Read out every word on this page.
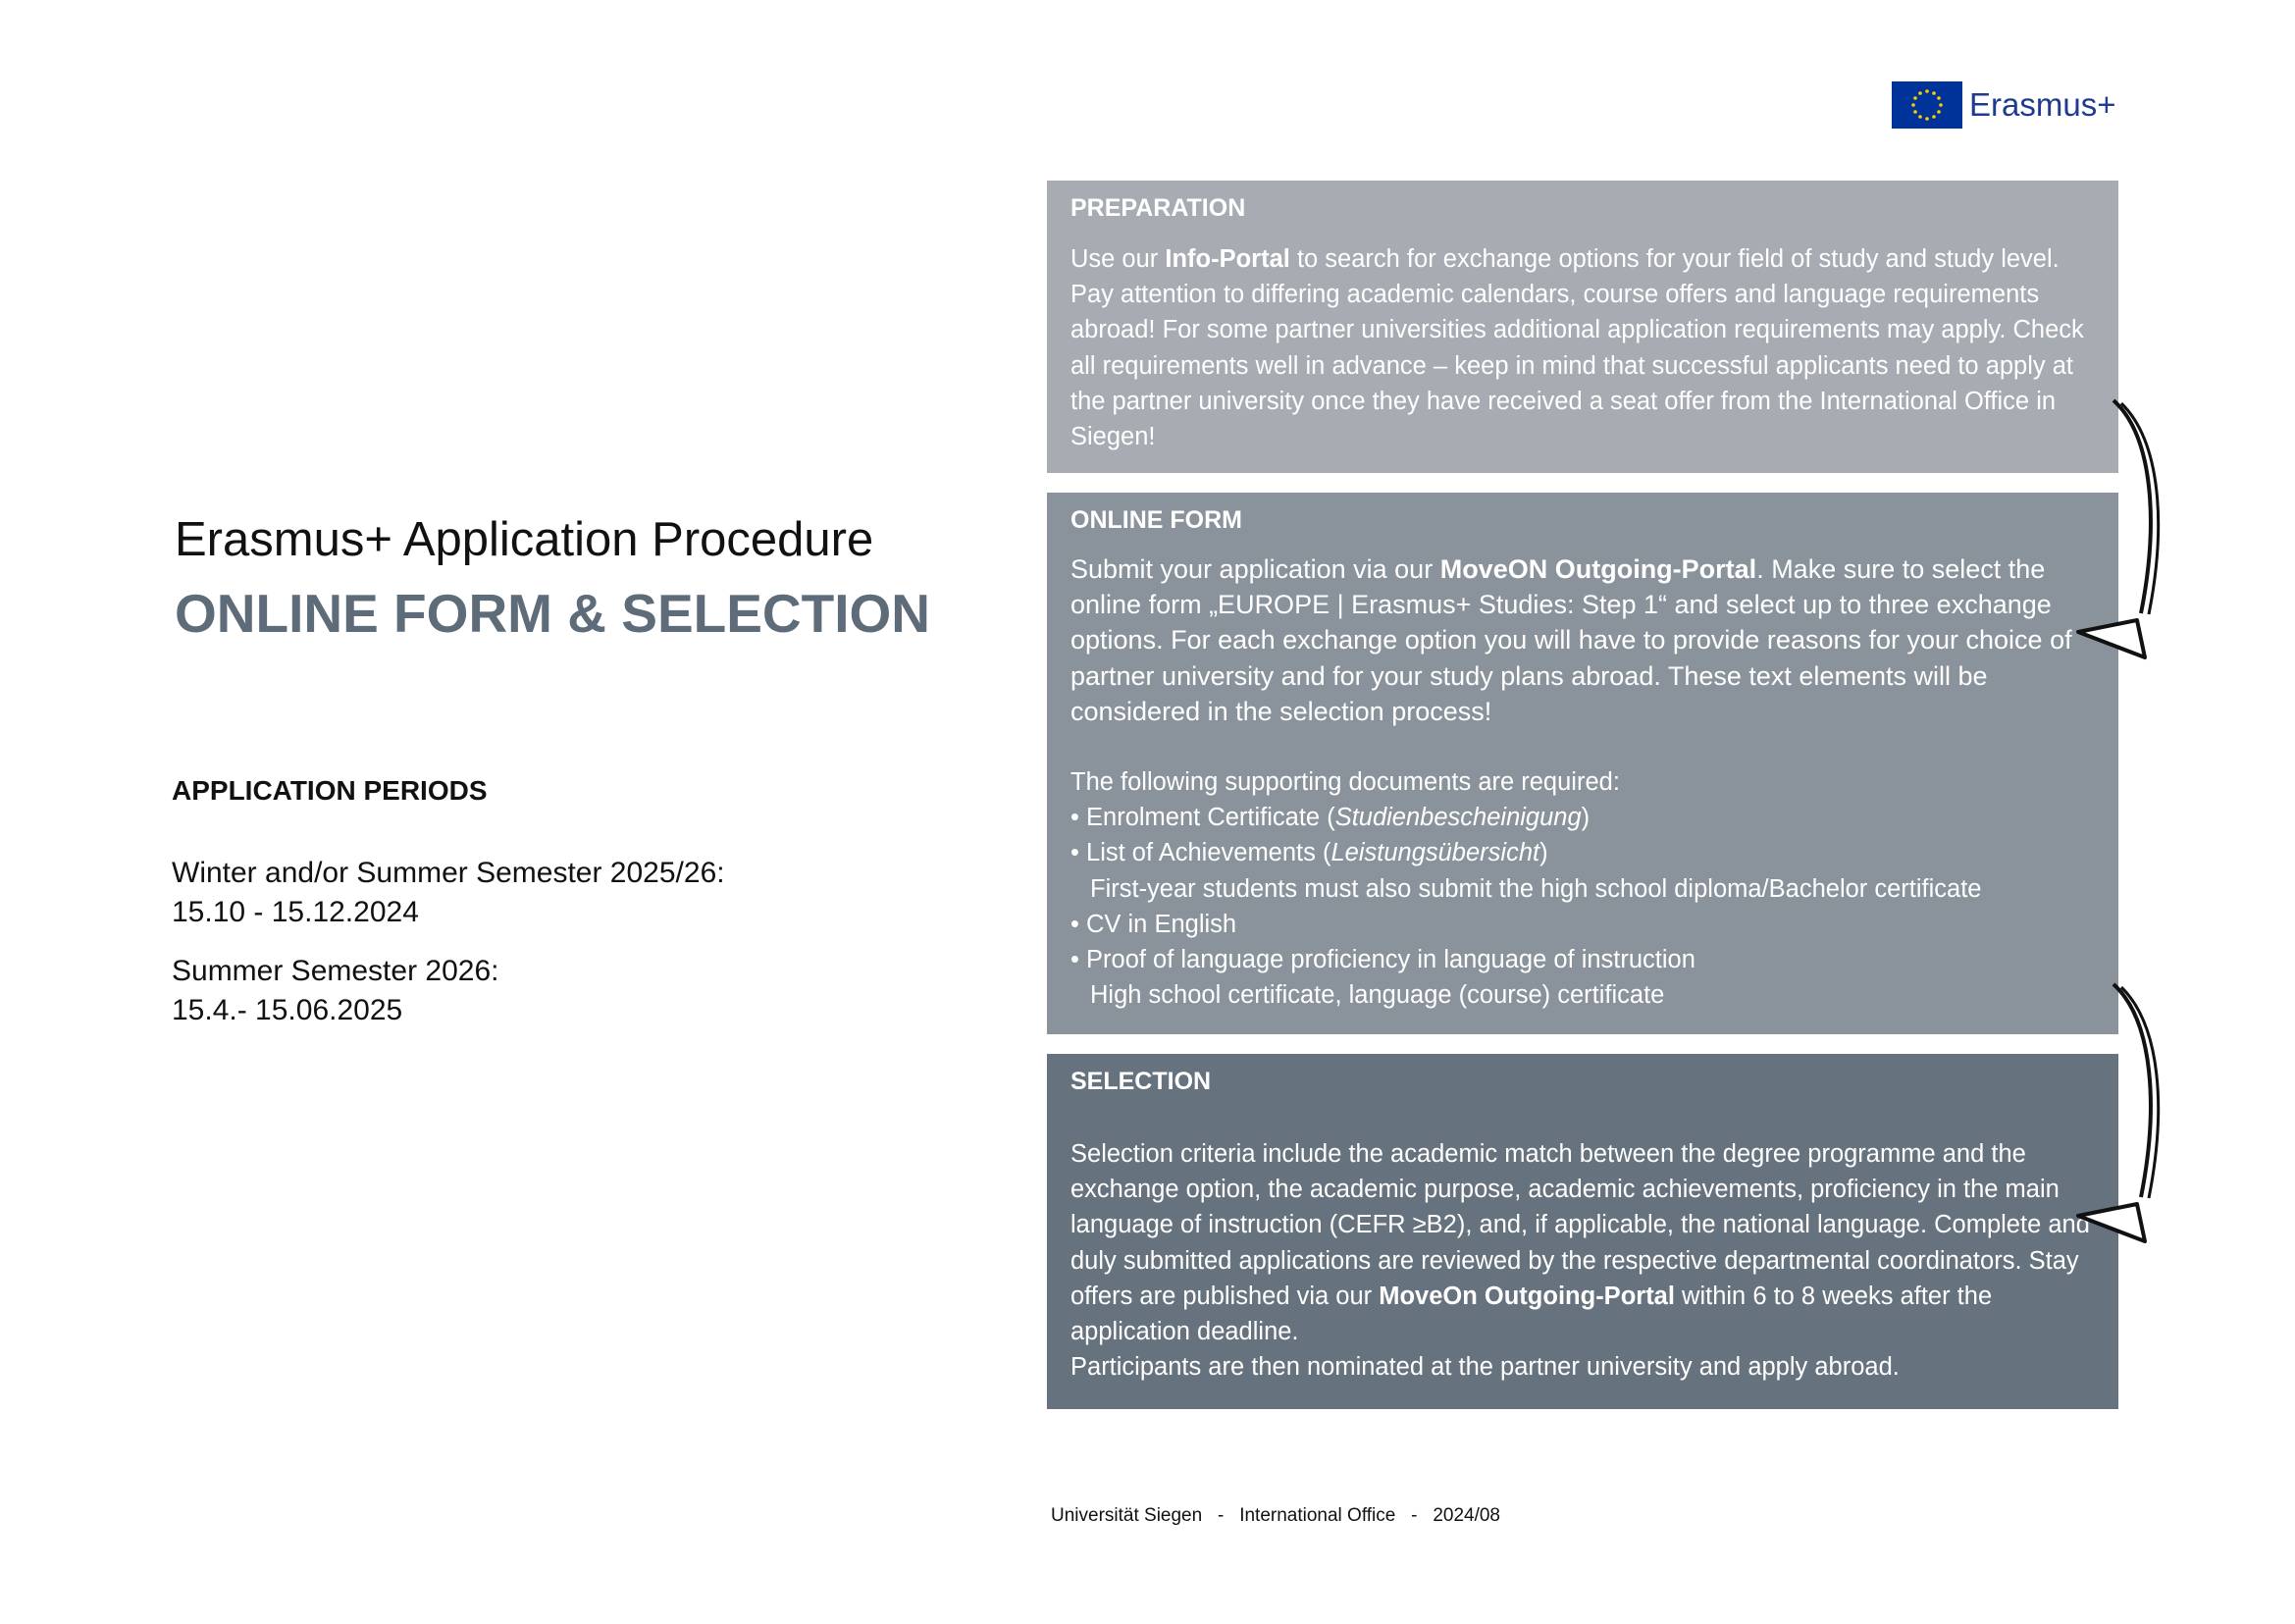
Erasmus+
Erasmus+ Application Procedure
ONLINE FORM & SELECTION
APPLICATION PERIODS
Winter and/or Summer Semester 2025/26:
15.10 - 15.12.2024
Summer Semester 2026:
15.4.- 15.06.2025
PREPARATION

Use our Info-Portal to search for exchange options for your field of study and study level. Pay attention to differing academic calendars, course offers and language requirements abroad! For some partner universities additional application requirements may apply. Check all requirements well in advance – keep in mind that successful applicants need to apply at the partner university once they have received a seat offer from the International Office in Siegen!

ONLINE FORM

Submit your application via our MoveON Outgoing-Portal. Make sure to select the online form „EUROPE | Erasmus+ Studies: Step 1“ and select up to three exchange options. For each exchange option you will have to provide reasons for your choice of partner university and for your study plans abroad. These text elements will be considered in the selection process!

The following supporting documents are required:

• Enrolment Certificate (Studienbescheinigung)

• List of Achievements (Leistungsübersicht)

First-year students must also submit the high school diploma/Bachelor certificate

• CV in English

• Proof of language proficiency in language of instruction

High school certificate, language (course) certificate

SELECTION

Selection criteria include the academic match between the degree programme and the exchange option, the academic purpose, academic achievements, proficiency in the main language of instruction (CEFR ≥B2), and, if applicable, the national language. Complete and duly submitted applications are reviewed by the respective departmental coordinators. Stay offers are published via our MoveOn Outgoing-Portal within 6 to 8 weeks after the application deadline.

Participants are then nominated at the partner university and apply abroad.

Universität Siegen   -   International Office   -   2024/08
